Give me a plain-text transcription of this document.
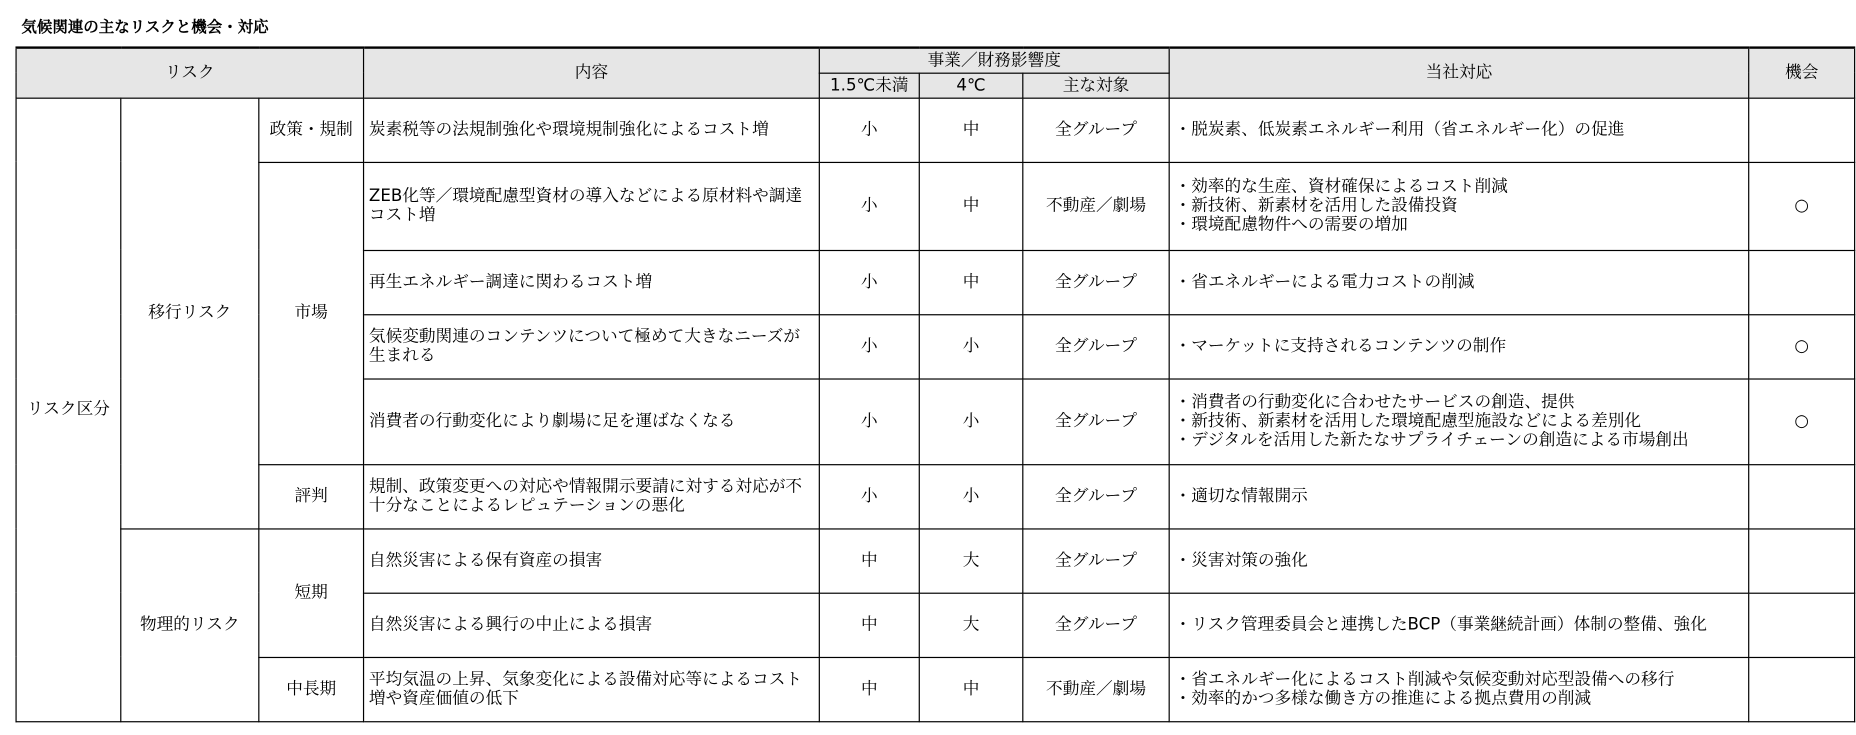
気候関連の主なリスクと機会・対応
リスク			内容	事業／財務影響度			当社対応	機会
				1.5℃未満	4℃	主な対象		
リスク区分	移行リスク	政策・規制	炭素税等の法規制強化や環境規制強化によるコスト増	小	中	全グループ	・脱炭素、低炭素エネルギー利用（省エネルギー化）の促進	

		市場	ZEB化等／環境配慮型資材の導入などによる原材料や調達コスト増	小	中	不動産／劇場	・効率的な生産、資材確保によるコスト削減
・新技術、新素材を活用した設備投資
・環境配慮物件への需要の増加	○
			再生エネルギー調達に関わるコスト増	小	中	全グループ	・省エネルギーによる電力コストの削減	

			気候変動関連のコンテンツについて極めて大きなニーズが生まれる	小	小	全グループ	・マーケットに支持されるコンテンツの制作	○
			消費者の行動変化により劇場に足を運ばなくなる	小	小	全グループ	・消費者の行動変化に合わせたサービスの創造、提供
・新技術、新素材を活用した環境配慮型施設などによる差別化
・デジタルを活用した新たなサプライチェーンの創造による市場創出	○
		評判	規制、政策変更への対応や情報開示要請に対する対応が不十分なことによるレピュテーションの悪化	小	小	全グループ	・適切な情報開示	

	物理的リスク	短期	自然災害による保有資産の損害	中	大	全グループ	・災害対策の強化	

			自然災害による興行の中止による損害	中	大	全グループ	・リスク管理委員会と連携したBCP（事業継続計画）体制の整備、強化	

		中長期	平均気温の上昇、気象変化による設備対応等によるコスト増や資産価値の低下	中	中	不動産／劇場	・省エネルギー化によるコスト削減や気候変動対応型設備への移行
・効率的かつ多様な働き方の推進による拠点費用の削減	
